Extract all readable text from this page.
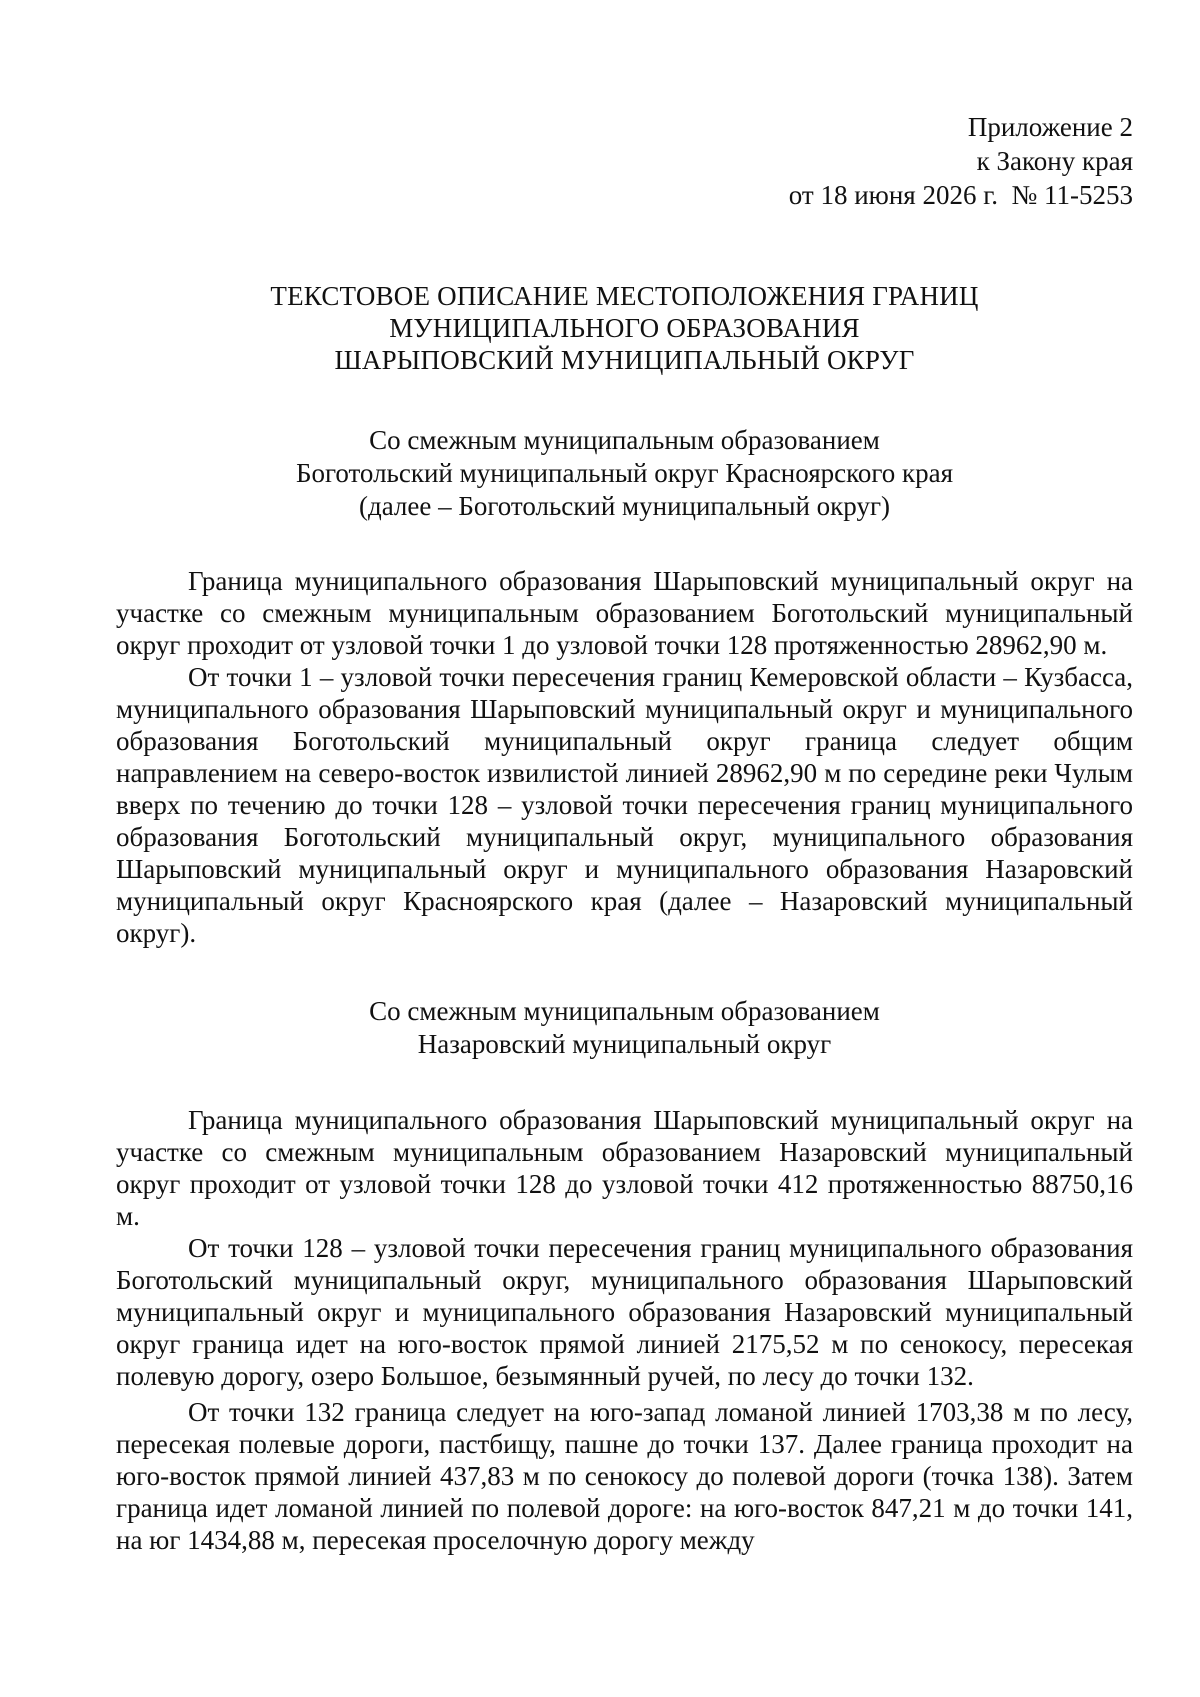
Приложение 2
к Закону края
от 18 июня 2026 г.  № 11-5253
ТЕКСТОВОЕ ОПИСАНИЕ МЕСТОПОЛОЖЕНИЯ ГРАНИЦ
МУНИЦИПАЛЬНОГО ОБРАЗОВАНИЯ
ШАРЫПОВСКИЙ МУНИЦИПАЛЬНЫЙ ОКРУГ
Со смежным муниципальным образованием
Боготольский муниципальный округ Красноярского края
(далее – Боготольский муниципальный округ)

Граница муниципального образования Шарыповский муниципальный округ на участке со смежным муниципальным образованием Боготольский муниципальный округ проходит от узловой точки 1 до узловой точки 128 протяженностью 28962,90 м.

От точки 1 – узловой точки пересечения границ Кемеровской области – Кузбасса, муниципального образования Шарыповский муниципальный округ и муниципального образования Боготольский муниципальный округ граница следует общим направлением на северо-восток извилистой линией 28962,90 м по середине реки Чулым вверх по течению до точки 128 – узловой точки пересечения границ муниципального образования Боготольский муниципальный округ, муниципального образования Шарыповский муниципальный округ и муниципального образования Назаровский муниципальный округ Красноярского края (далее – Назаровский муниципальный округ).

Со смежным муниципальным образованием
Назаровский муниципальный округ

Граница муниципального образования Шарыповский муниципальный округ на участке со смежным муниципальным образованием Назаровский муниципальный округ проходит от узловой точки 128 до узловой точки 412 протяженностью 88750,16 м.

От точки 128 – узловой точки пересечения границ муниципального образования Боготольский муниципальный округ, муниципального образования Шарыповский муниципальный округ и муниципального образования Назаровский муниципальный округ граница идет на юго-восток прямой линией 2175,52 м по сенокосу, пересекая полевую дорогу, озеро Большое, безымянный ручей, по лесу до точки 132.

От точки 132 граница следует на юго-запад ломаной линией 1703,38 м по лесу, пересекая полевые дороги, пастбищу, пашне до точки 137. Далее граница проходит на юго-восток прямой линией 437,83 м по сенокосу до полевой дороги (точка 138). Затем граница идет ломаной линией по полевой дороге: на юго-восток 847,21 м до точки 141, на юг 1434,88 м, пересекая проселочную дорогу между
